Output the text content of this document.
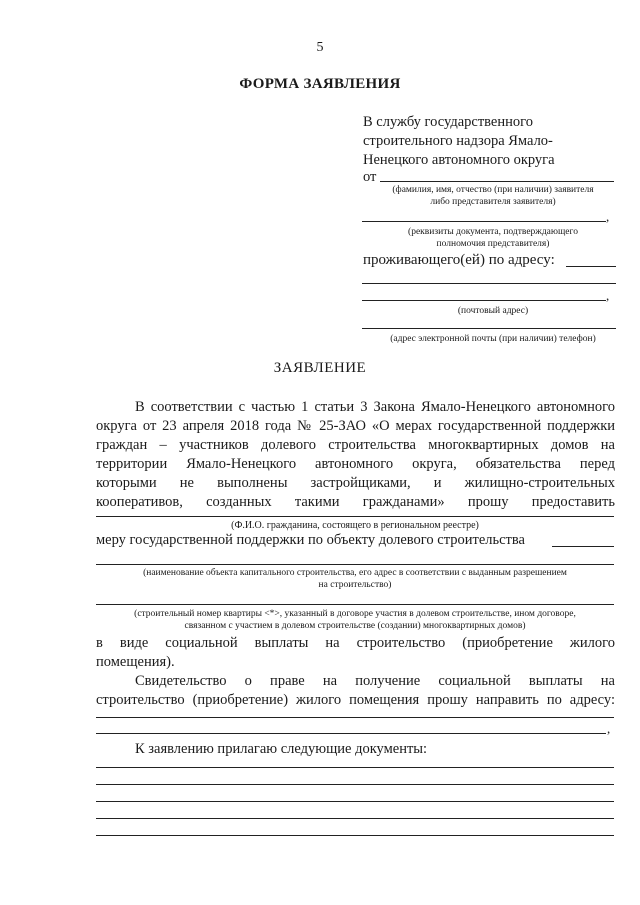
5
ФОРМА ЗАЯВЛЕНИЯ
В службу государственного
строительного надзора Ямало-
Ненецкого автономного округа
от
(фамилия, имя, отчество (при наличии) заявителя
либо представителя заявителя)
,
(реквизиты документа, подтверждающего
полномочия представителя)
проживающего(ей) по адресу:
,
(почтовый адрес)
(адрес электронной почты (при наличии) телефон)
ЗАЯВЛЕНИЕ
В соответствии с частью 1 статьи 3 Закона Ямало-Ненецкого автономного
округа от 23 апреля 2018 года № 25-ЗАО «О мерах государственной поддержки
граждан – участников долевого строительства многоквартирных домов на
территории Ямало-Ненецкого автономного округа, обязательства перед
которыми не выполнены застройщиками, и жилищно-строительных
кооперативов, созданных такими гражданами» прошу предоставить
(Ф.И.О. гражданина, состоящего в региональном реестре)
меру государственной поддержки по объекту долевого строительства
(наименование объекта капитального строительства, его адрес в соответствии с выданным разрешением
на строительство)
(строительный номер квартиры <*>, указанный в договоре участия в долевом строительстве, ином договоре,
связанном с участием в долевом строительстве (создании) многоквартирных домов)
в виде социальной выплаты на строительство (приобретение жилого
помещения).
Свидетельство о праве на получение социальной выплаты на
строительство (приобретение) жилого помещения прошу направить по адресу:
,
К заявлению прилагаю следующие документы:
